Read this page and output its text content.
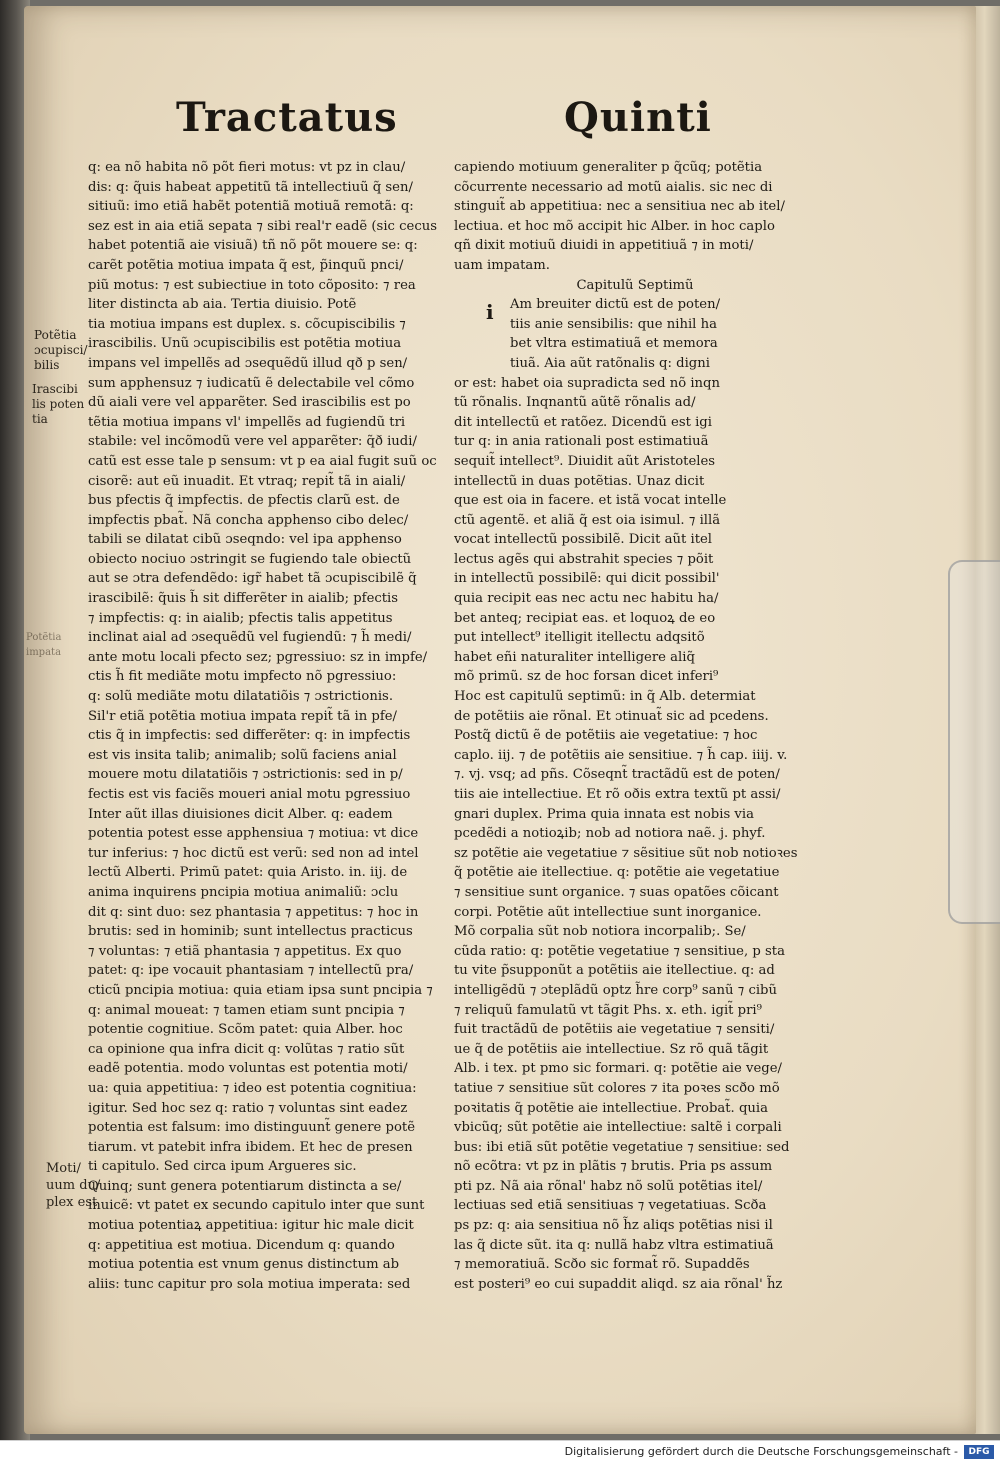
Tractatus	Quinti
q: ea nõ habita nõ põt fieri motus: vt pz in clau/
dis: q: q̃uis habeat appetitũ tã intellectiuũ q̃ sen/
sitiuũ: imo etiã habẽt potentiã motiuã remotã: q:
sez est in aia etiã sepata ⁊ sibi real'r eadẽ (sic cecus
habet potentiã aie visiuã) tñ nõ põt mouere se: q:
carẽt potẽtia motiua impata q̃ est, p̃inquũ pnci/
piũ motus: ⁊ est subiectiue in toto cõposito: ⁊ rea
liter distincta ab aia. Tertia diuisio. Potẽ
tia motiua impans est duplex. s. cõcupiscibilis ⁊
irascibilis. Unũ ɔcupiscibilis est potẽtia motiua
impans vel impellẽs ad ɔsequẽdũ illud qð p sen/
sum apphensuz ⁊ iudicatũ ẽ delectabile vel cõmo
dũ aiali vere vel apparẽter. Sed irascibilis est po
tẽtia motiua impans vl' impellẽs ad fugiendũ tri
stabile: vel incõmodũ vere vel apparẽter: q̃ð iudi/
catũ est esse tale p sensum: vt p ea aial fugit suũ oc
cisorẽ: aut eũ inuadit. Et vtraq; repit̃ tã in aiali/
bus pfectis q̃ impfectis. de pfectis clarũ est. de
impfectis pbat̃. Nã concha apphenso cibo delec/
tabili se dilatat cibũ ɔseqndo: vel ipa apphenso
obiecto nociuo ɔstringit se fugiendo tale obiectũ
aut se ɔtra defendẽdo: igr̃ habet tã ɔcupiscibilẽ q̃
irascibilẽ: q̃uis h̃ sit differẽter in aialib; pfectis
⁊ impfectis: q: in aialib; pfectis talis appetitus
inclinat aial ad ɔsequẽdũ vel fugiendũ: ⁊ h̃ medi/
ante motu locali pfecto sez; pgressiuo: sz in impfe/
ctis h̃ fit mediãte motu impfecto nõ pgressiuo:
q: solũ mediãte motu dilatatiõis ⁊ ɔstrictionis.
Sil'r etiã potẽtia motiua impata repit̃ tã in pfe/
ctis q̃ in impfectis: sed differẽter: q: in impfectis
est vis insita talib; animalib; solũ faciens anial
mouere motu dilatatiõis ⁊ ɔstrictionis: sed in p/
fectis est vis faciẽs moueri anial motu pgressiuo
Inter aũt illas diuisiones dicit Alber. q: eadem
potentia potest esse apphensiua ⁊ motiua: vt dice
tur inferius: ⁊ hoc dictũ est verũ: sed non ad intel
lectũ Alberti. Primũ patet: quia Aristo. in. iij. de
anima inquirens pncipia motiua animaliũ: ɔclu
dit q: sint duo: sez phantasia ⁊ appetitus: ⁊ hoc in
brutis: sed in hominib; sunt intellectus practicus
⁊ voluntas: ⁊ etiã phantasia ⁊ appetitus. Ex quo
patet: q: ipe vocauit phantasiam ⁊ intellectũ pra/
cticũ pncipia motiua: quia etiam ipsa sunt pncipia ⁊
q: animal moueat: ⁊ tamen etiam sunt pncipia ⁊
potentie cognitiue. Scõm patet: quia Alber. hoc
ca opinione qua infra dicit q: volũtas ⁊ ratio sũt
eadẽ potentia. modo voluntas est potentia moti/
ua: quia appetitiua: ⁊ ideo est potentia cognitiua:
igitur. Sed hoc sez q: ratio ⁊ voluntas sint eadez
potentia est falsum: imo distinguunt̃ genere potẽ
tiarum. vt patebit infra ibidem. Et hec de presen
ti capitulo. Sed circa ipum Argueres sic.
Quinq; sunt genera potentiarum distincta a se/
inuicẽ: vt patet ex secundo capitulo inter que sunt
motiua potentiaꝝ appetitiua: igitur hic male dicit
q: appetitiua est motiua. Dicendum q: quando
motiua potentia est vnum genus distinctum ab
aliis: tunc capitur pro sola motiua imperata: sed
capiendo motiuum generaliter p q̃cũq; potẽtia
cõcurrente necessario ad motũ aialis. sic nec di
stinguit̃ ab appetitiua: nec a sensitiua nec ab itel/
lectiua. et hoc mõ accipit hic Alber. in hoc caplo
qñ dixit motiuũ diuidi in appetitiuã ⁊ in moti/
uam impatam.
Capitulũ Septimũ
Am breuiter dictũ est de poten/
tiis anie sensibilis: que nihil ha
bet vltra estimatiuã et memora
tiuã. Aia aũt ratõnalis q: digni
or est: habet oia supradicta sed nõ inqn
tũ rõnalis. Inqnantũ aũtẽ rõnalis ad/
dit intellectũ et ratõez. Dicendũ est igi
tur q: in ania rationali post estimatiuã
sequit̃ intellect⁹. Diuidit aũt Aristoteles
intellectũ in duas potẽtias. Unaz dicit
que est oia in facere. et istã vocat intelle
ctũ agentẽ. et aliã q̃ est oia isimul. ⁊ illã
vocat intellectũ possibilẽ. Dicit aũt itel
lectus agẽs qui abstrahit species ⁊ põit
in intellectũ possibilẽ: qui dicit possibil'
quia recipit eas nec actu nec habitu ha/
bet anteq; recipiat eas. et loquoꝝ de eo
put intellect⁹ itelligit itellectu adqsitõ
habet eñi naturaliter intelligere aliq̃
mõ primũ. sz de hoc forsan dicet inferi⁹
Hoc est capitulũ septimũ: in q̃ Alb. determiat
de potẽtiis aie rõnal. Et ɔtinuat̃ sic ad pcedens.
Postq̃ dictũ ẽ de potẽtiis aie vegetatiue: ⁊ hoc
caplo. iij. ⁊ de potẽtiis aie sensitiue. ⁊ h̃ cap. iiij. v.
⁊. vj. vsq; ad pñs. Cõseqnt̃ tractãdũ est de poten/
tiis aie intellectiue. Et rõ oðis extra textũ pt assi/
gnari duplex. Prima quia innata est nobis via
pcedẽdi a notioꝝib; nob ad notiora naẽ. j. phyf.
sz potẽtie aie vegetatiue ⁊ sẽsitiue sũt nob notioꝛes
q̃ potẽtie aie itellectiue. q: potẽtie aie vegetatiue
⁊ sensitiue sunt organice. ⁊ suas opatões cõicant
corpi. Potẽtie aũt intellectiue sunt inorganice.
Mõ corpalia sũt nob notiora incorpalib;. Se/
cũda ratio: q: potẽtie vegetatiue ⁊ sensitiue, p sta
tu vite p̃supponũt a potẽtiis aie itellectiue. q: ad
intelligẽdũ ⁊ ɔteplãdũ optz h̃re corp⁹ sanũ ⁊ cibũ
⁊ reliquũ famulatũ vt tãgit Phs. x. eth. igit̃ pri⁹
fuit tractãdũ de potẽtiis aie vegetatiue ⁊ sensiti/
ue q̃ de potẽtiis aie intellectiue. Sz rõ quã tãgit
Alb. i tex. pt pmo sic formari. q: potẽtie aie vege/
tatiue ⁊ sensitiue sũt colores ⁊ ita poꝛes scðo mõ
poꝛitatis q̃ potẽtie aie intellectiue. Probat̃. quia
vbicũq; sũt potẽtie aie intellectiue: saltẽ i corpali
bus: ibi etiã sũt potẽtie vegetatiue ⁊ sensitiue: sed
nõ ecõtra: vt pz in plãtis ⁊ brutis. Pria ps assum
pti pz. Nã aia rõnal' habz nõ solũ potẽtias itel/
lectiuas sed etiã sensitiuas ⁊ vegetatiuas. Scða
ps pz: q: aia sensitiua nõ h̃z aliqs potẽtias nisi il
las q̃ dicte sũt. ita q: nullã habz vltra estimatiuã
⁊ memoratiuã. Scðo sic format̃ rõ. Supaddẽs
est posteri⁹ eo cui supaddit aliqd. sz aia rõnal' h̃z
i
Potẽtia
ɔcupisci/
bilis
Irascibi
lis poten
tia
Potẽtia
impata
Moti/
uum du/
plex est
Digitalisierung gefördert durch die Deutsche Forschungsgemeinschaft -	DFG
